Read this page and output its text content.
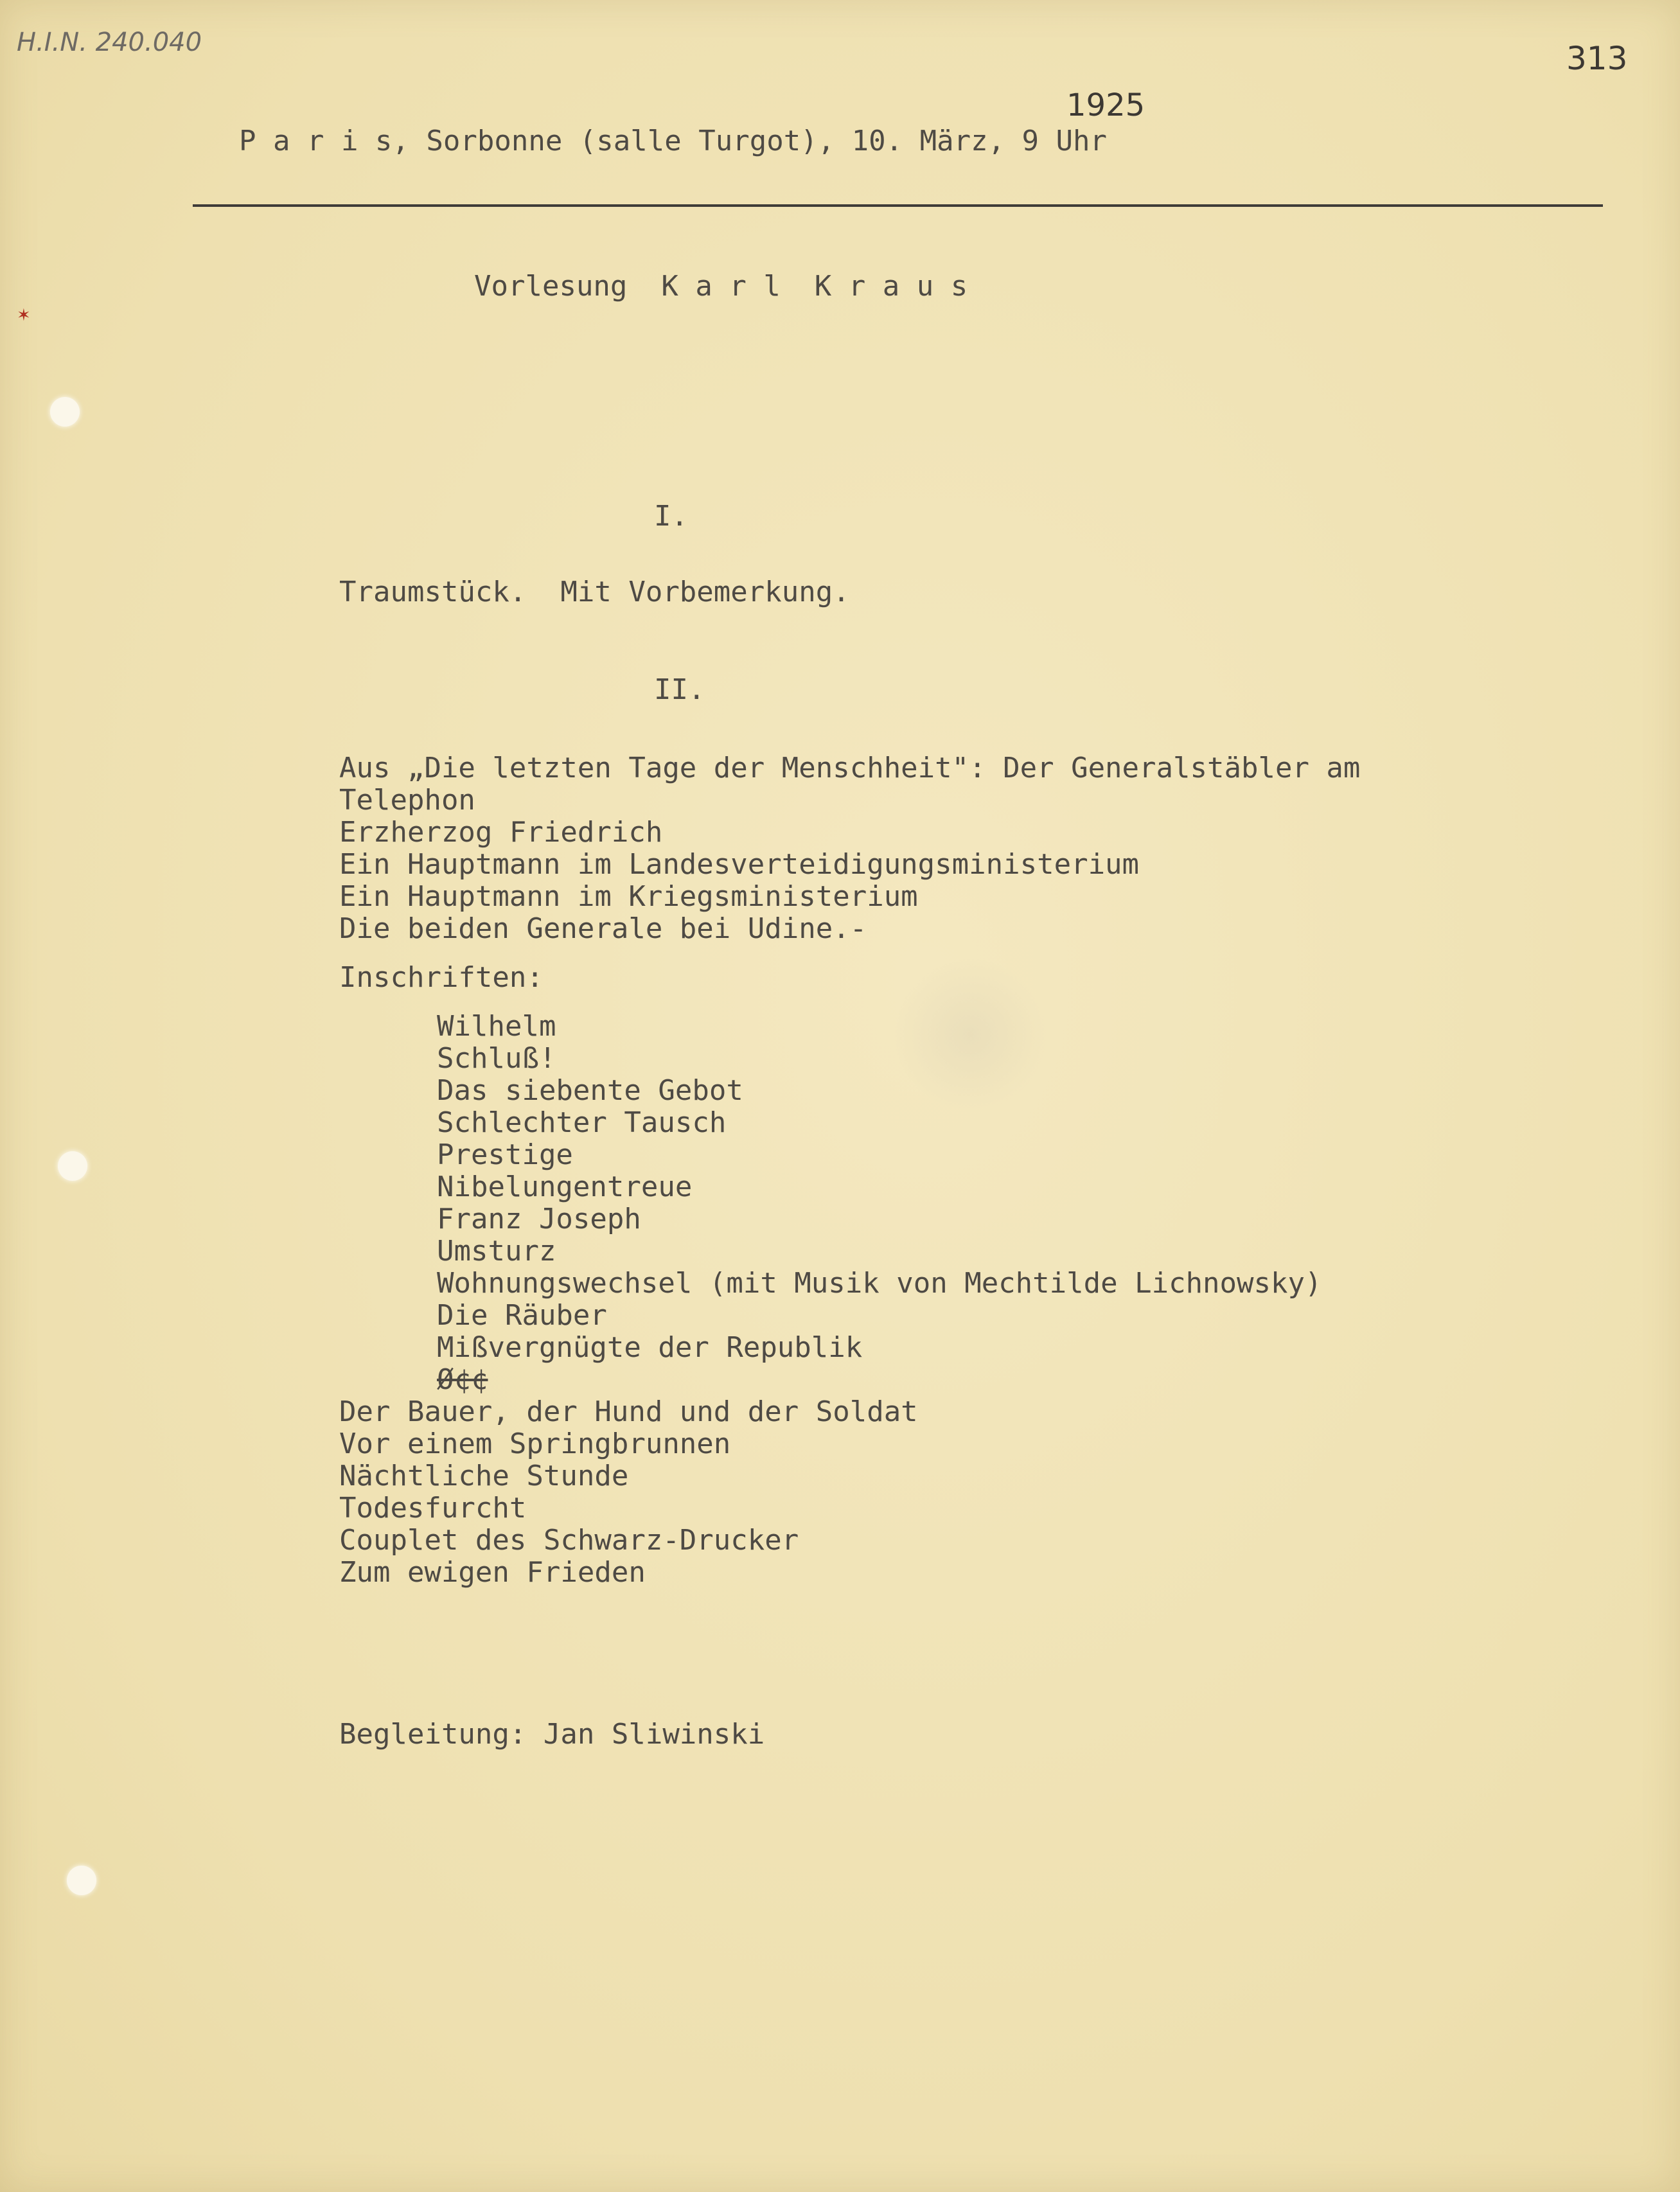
✶
H.I.N. 240.040	313
1925
P a r i s, Sorbonne (salle Turgot), 10. März, 9 Uhr
Vorlesung  K a r l  K r a u s
I.
Traumstück.  Mit Vorbemerkung.
II.
Aus „Die letzten Tage der Menschheit": Der Generalstäbler am
Telephon
Erzherzog Friedrich
Ein Hauptmann im Landesverteidigungsministerium
Ein Hauptmann im Kriegsministerium
Die beiden Generale bei Udine.-
Inschriften:
Wilhelm
Schluß!
Das siebente Gebot
Schlechter Tausch
Prestige
Nibelungentreue
Franz Joseph
Umsturz
Wohnungswechsel (mit Musik von Mechtilde Lichnowsky)
Die Räuber
Mißvergnügte der Republik
Ø¢¢
Der Bauer, der Hund und der Soldat
Vor einem Springbrunnen
Nächtliche Stunde
Todesfurcht
Couplet des Schwarz-Drucker
Zum ewigen Frieden
Begleitung: Jan Sliwinski
